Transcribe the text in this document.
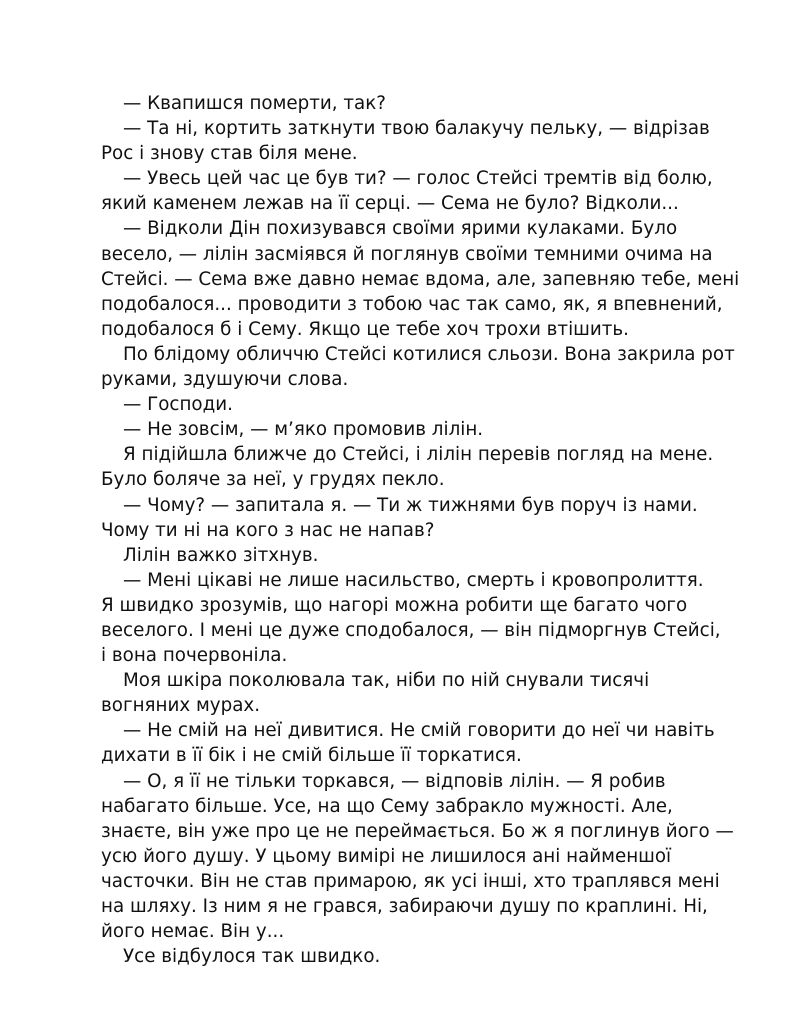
— Квапишся померти, так?
— Та ні, кортить заткнути твою балакучу пельку, — відрізав
Рос і знову став біля мене.
— Увесь цей час це був ти? — голос Стейсі тремтів від болю,
який каменем лежав на її серці. — Сема не було? Відколи...
— Відколи Дін похизувався своїми ярими кулаками. Було
весело, — лілін засміявся й поглянув своїми темними очима на
Стейсі. — Сема вже давно немає вдома, але, запевняю тебе, мені
подобалося... проводити з тобою час так само, як, я впевнений,
подобалося б і Сему. Якщо це тебе хоч трохи втішить.
По блідому обличчю Стейсі котилися сльози. Вона закрила рот
руками, здушуючи слова.
— Господи.
— Не зовсім, — м’яко промовив лілін.
Я підійшла ближче до Стейсі, і лілін перевів погляд на мене.
Було боляче за неї, у грудях пекло.
— Чому? — запитала я. — Ти ж тижнями був поруч із нами.
Чому ти ні на кого з нас не напав?
Лілін важко зітхнув.
— Мені цікаві не лише насильство, смерть і кровопролиття.
Я швидко зрозумів, що нагорі можна робити ще багато чого
веселого. І мені це дуже сподобалося, — він підморгнув Стейсі,
і вона почервоніла.
Моя шкіра поколювала так, ніби по ній снували тисячі
вогняних мурах.
— Не смій на неї дивитися. Не смій говорити до неї чи навіть
дихати в її бік і не смій більше її торкатися.
— О, я її не тільки торкався, — відповів лілін. — Я робив
набагато більше. Усе, на що Сему забракло мужності. Але,
знаєте, він уже про це не переймається. Бо ж я поглинув його —
усю його душу. У цьому вимірі не лишилося ані найменшої
часточки. Він не став примарою, як усі інші, хто траплявся мені
на шляху. Із ним я не грався, забираючи душу по краплині. Ні,
його немає. Він у...
Усе відбулося так швидко.
